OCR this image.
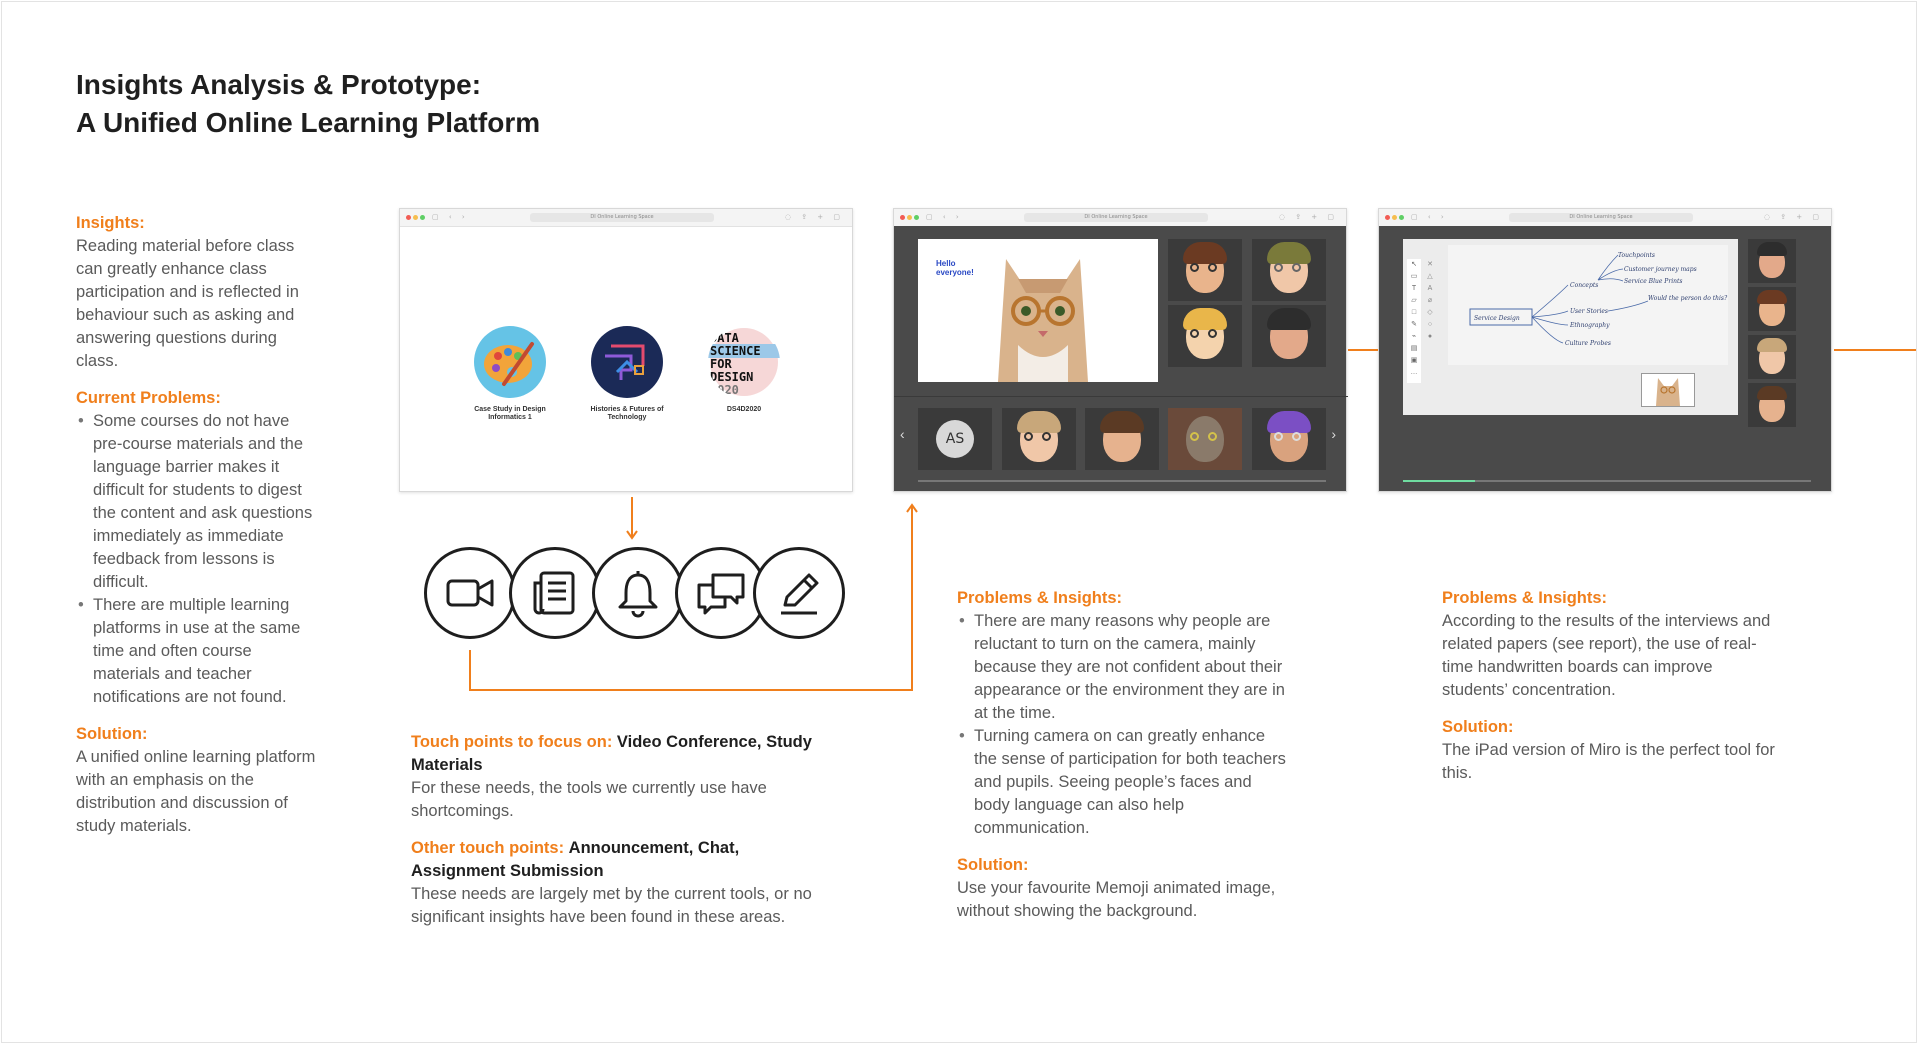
Insights Analysis & Prototype:
A Unified Online Learning Platform
Insights:
Reading material before class can greatly enhance class participation and is reflected in behaviour such as asking and answering questions during class.
Current Problems:
• Some courses do not have pre-course materials and the language barrier makes it difficult for students to digest the content and ask questions immediately as immediate feedback from lessons is difficult.
• There are multiple learning platforms in use at the same time and often course materials and teacher notifications are not found.
Solution:
A unified online learning platform with an emphasis on the distribution and discussion of study materials.
▢ ‹ ›	DI Online Learning Space	◌ ⇪ + ▢
Case Study in Design Informatics 1
Histories & Futures of Technology
DATA
SCIENCE
FOR
DESIGN
2020
DS4D2020
▢ ‹ ›	DI Online Learning Space	◌ ⇪ + ▢
Hello everyone!
‹	›
AS
▢ ‹ ›	DI Online Learning Space	◌ ⇪ + ▢
↖
▭
T
▱
□
✎
⌁
▤
▣
…
✕
△
A
⌀
◇
○
●
Service Design
Concepts
User Stories
Ethnography
Culture Probes
Touchpoints
Customer journey maps
Service Blue Prints
Would the person do this?
Touch points to focus on: Video Conference, Study Materials
For these needs, the tools we currently use have shortcomings.
Other touch points: Announcement, Chat, Assignment Submission
These needs are largely met by the current tools, or no significant insights have been found in these areas.
Problems & Insights:
• There are many reasons why people are reluctant to turn on the camera, mainly because they are not confident about their appearance or the environment they are in at the time.
• Turning camera on can greatly enhance the sense of participation for both teachers and pupils. Seeing people’s faces and body language can also help communication.
Solution:
Use your favourite Memoji animated image, without showing the background.
Problems & Insights:
According to the results of the interviews and related papers (see report), the use of real-time handwritten boards can improve students’ concentration.
Solution:
The iPad version of Miro is the perfect tool for this.
